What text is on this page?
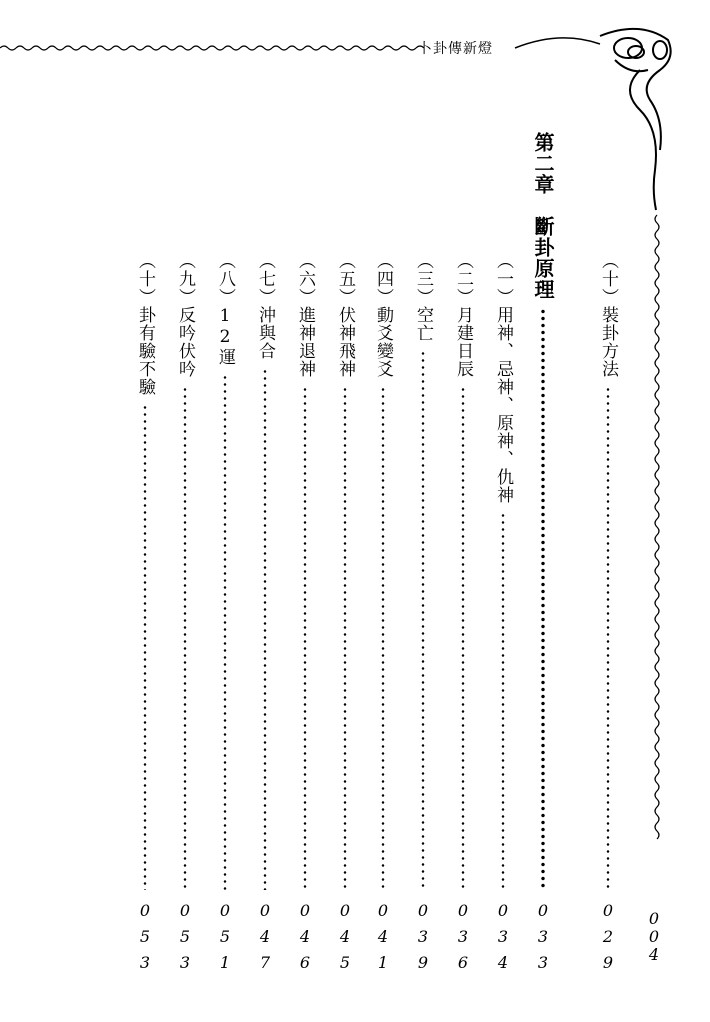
卜卦傳新燈
（十）裝卦方法
0
2
9
第二章　斷卦原理
0
3
3
（一）用神、忌神、原神、仇神
0
3
4
（二）月建日辰
0
3
6
（三）空亡
0
3
9
（四）動爻變爻
0
4
1
（五）伏神飛神
0
4
5
（六）進神退神
0
4
6
（七）沖與合
0
4
7
（八）12運
0
5
1
（九）反吟伏吟
0
5
3
（十）卦有驗不驗
0
5
3
0
0
4
